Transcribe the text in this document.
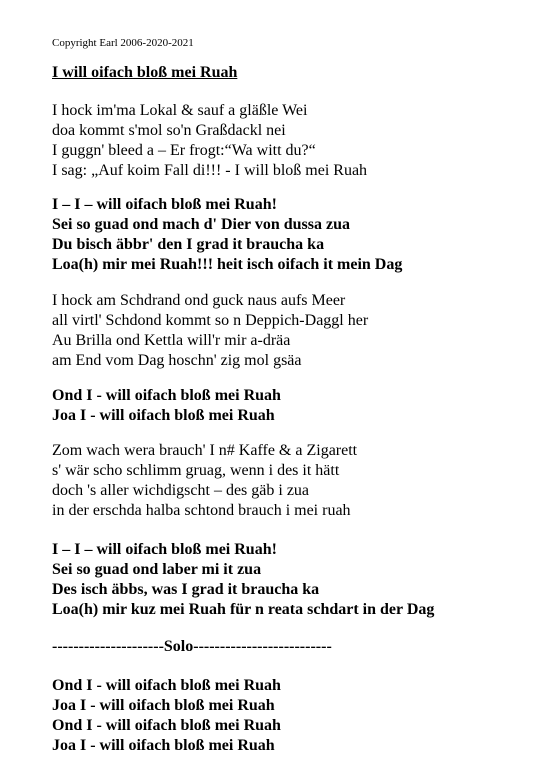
Copyright Earl 2006-2020-2021
I will oifach bloß mei Ruah
I hock im'ma Lokal & sauf a gläßle Wei
doa kommt s'mol so'n Graßdackl nei
I guggn' bleed a – Er frogt:“Wa witt du?“
I sag: „Auf koim Fall di!!! - I will bloß mei Ruah
I – I – will oifach bloß mei Ruah!
Sei so guad ond mach d' Dier von dussa zua
Du bisch äbbr' den I grad it braucha ka
Loa(h) mir mei Ruah!!! heit isch oifach it mein Dag
I hock am Schdrand ond guck naus aufs Meer
all virtl' Schdond kommt so n Deppich-Daggl her
Au Brilla ond Kettla will'r mir a-dräa
am End vom Dag hoschn' zig mol gsäa
Ond I - will oifach bloß mei Ruah
Joa I - will oifach bloß mei Ruah
Zom wach wera brauch' I n# Kaffe & a Zigarett
s' wär scho schlimm gruag, wenn i des it hätt
doch 's aller wichdigscht – des gäb i zua
in der erschda halba schtond brauch i mei ruah
I – I – will oifach bloß mei Ruah!
Sei so guad ond laber mi it zua
Des isch äbbs, was I grad it braucha ka
Loa(h) mir kuz mei Ruah für n reata schdart in der Dag
---------------------Solo--------------------------
Ond I - will oifach bloß mei Ruah
Joa I - will oifach bloß mei Ruah
Ond I - will oifach bloß mei Ruah
Joa I - will oifach bloß mei Ruah
